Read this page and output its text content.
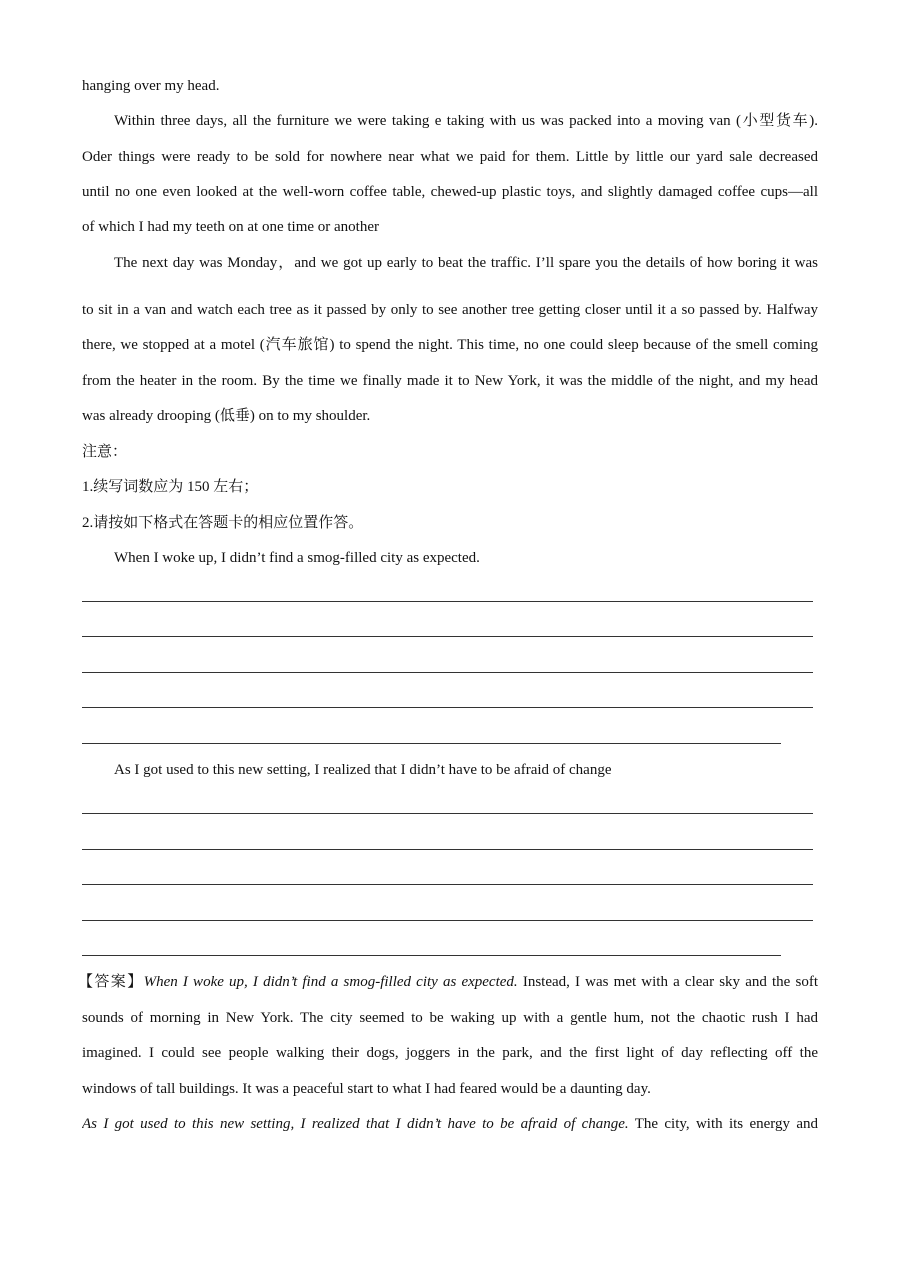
hanging over my head.
Within three days, all the furniture we were taking e taking with us was packed into a moving van (小型货车).
Oder things were ready to be sold for nowhere near what we paid for them. Little by little our yard sale decreased
until no one even looked at the well-worn coffee table, chewed-up plastic toys, and slightly damaged coffee cups—all
of which I had my teeth on at one time or another
The next day was Monday，and we got up early to beat the traffic. I’ll spare you the details of how boring it was
to sit in a van and watch each tree as it passed by only to see another tree getting closer until it a so passed by. Halfway
there, we stopped at a motel (汽车旅馆) to spend the night. This time, no one could sleep because of the smell coming
from the heater in the room. By the time we finally made it to New York, it was the middle of the night, and my head
was already drooping (低垂) on to my shoulder.
注意：
1.续写词数应为 150 左右；
2.请按如下格式在答题卡的相应位置作答。
When I woke up, I didn’t find a smog-filled city as expected.
As I got used to this new setting, I realized that I didn’t have to be afraid of change
【答案】When I woke up, I didn’t find a smog-filled city as expected. Instead, I was met with a clear sky and the soft
sounds of morning in New York. The city seemed to be waking up with a gentle hum, not the chaotic rush I had
imagined. I could see people walking their dogs, joggers in the park, and the first light of day reflecting off the
windows of tall buildings. It was a peaceful start to what I had feared would be a daunting day.
As I got used to this new setting, I realized that I didn’t have to be afraid of change. The city, with its energy and
